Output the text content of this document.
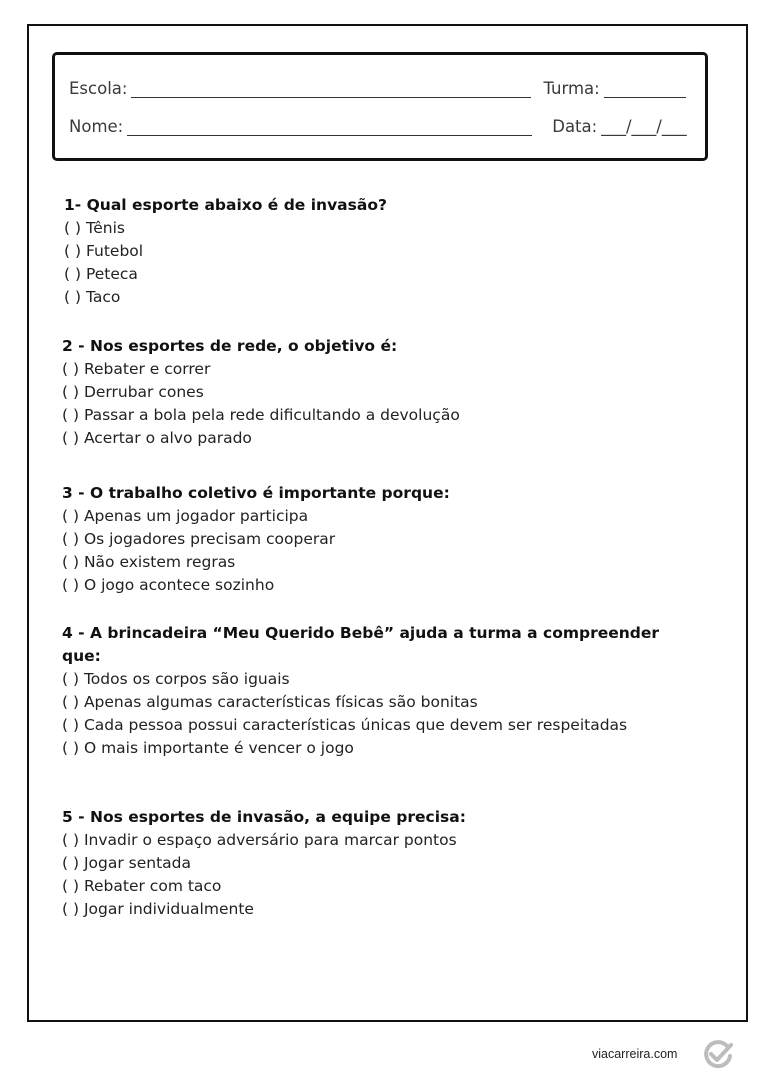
Escola:	Turma:
Nome:	Data: ___/___/___
1- Qual esporte abaixo é de invasão?
( ) Tênis
( ) Futebol
( ) Peteca
( ) Taco
2 - Nos esportes de rede, o objetivo é:
( ) Rebater e correr
( ) Derrubar cones
( ) Passar a bola pela rede dificultando a devolução
( ) Acertar o alvo parado
3 - O trabalho coletivo é importante porque:
( ) Apenas um jogador participa
( ) Os jogadores precisam cooperar
( ) Não existem regras
( ) O jogo acontece sozinho
4 - A brincadeira “Meu Querido Bebê” ajuda a turma a compreender
que:
( ) Todos os corpos são iguais
( ) Apenas algumas características físicas são bonitas
( ) Cada pessoa possui características únicas que devem ser respeitadas
( ) O mais importante é vencer o jogo
5 - Nos esportes de invasão, a equipe precisa:
( ) Invadir o espaço adversário para marcar pontos
( ) Jogar sentada
( ) Rebater com taco
( ) Jogar individualmente
viacarreira.com
